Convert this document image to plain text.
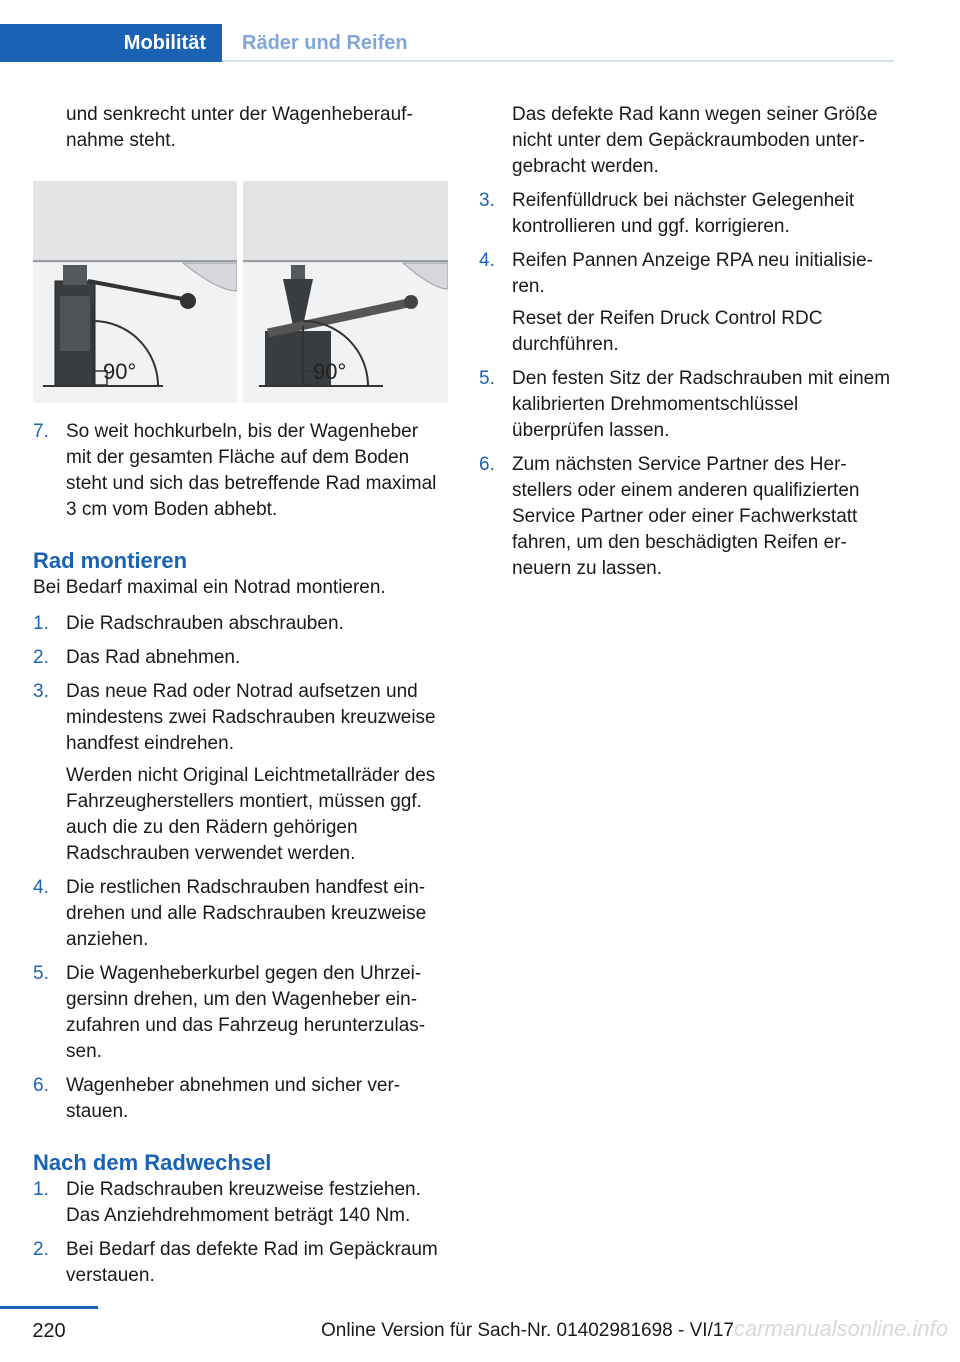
Mobilität	Räder und Reifen

und senkrecht unter der Wagenheberaufnahme steht.

90°	90°
7. So weit hochkurbeln, bis der Wagenheber mit der gesamten Fläche auf dem Boden steht und sich das betreffende Rad maximal 3 cm vom Boden abhebt.
Rad montieren

Bei Bedarf maximal ein Notrad montieren.

1. Die Radschrauben abschrauben.
2. Das Rad abnehmen.
3. Das neue Rad oder Notrad aufsetzen und mindestens zwei Radschrauben kreuzweise handfest eindrehen.

Werden nicht Original Leichtmetallräder des Fahrzeugherstellers montiert, müssen ggf. auch die zu den Rädern gehörigen Radschrauben verwendet werden.

4. Die restlichen Radschrauben handfest eindrehen und alle Radschrauben kreuzweise anziehen.
5. Die Wagenheberkurbel gegen den Uhrzeigersinn drehen, um den Wagenheber einzufahren und das Fahrzeug herunterzulassen.
6. Wagenheber abnehmen und sicher verstauen.
Nach dem Radwechsel
1. Die Radschrauben kreuzweise festziehen. Das Anziehdrehmoment beträgt 140 Nm.
2. Bei Bedarf das defekte Rad im Gepäckraum verstauen.

Das defekte Rad kann wegen seiner Größe nicht unter dem Gepäckraumboden untergebracht werden.

3. Reifenfülldruck bei nächster Gelegenheit kontrollieren und ggf. korrigieren.
4. Reifen Pannen Anzeige RPA neu initialisieren.

Reset der Reifen Druck Control RDC durchführen.

5. Den festen Sitz der Radschrauben mit einem kalibrierten Drehmomentschlüssel überprüfen lassen.
6. Zum nächsten Service Partner des Herstellers oder einem anderen qualifizierten Service Partner oder einer Fachwerkstatt fahren, um den beschädigten Reifen erneuern zu lassen.
220	Online Version für Sach-Nr. 01402981698 - VI/17 carmanualsonline.info
